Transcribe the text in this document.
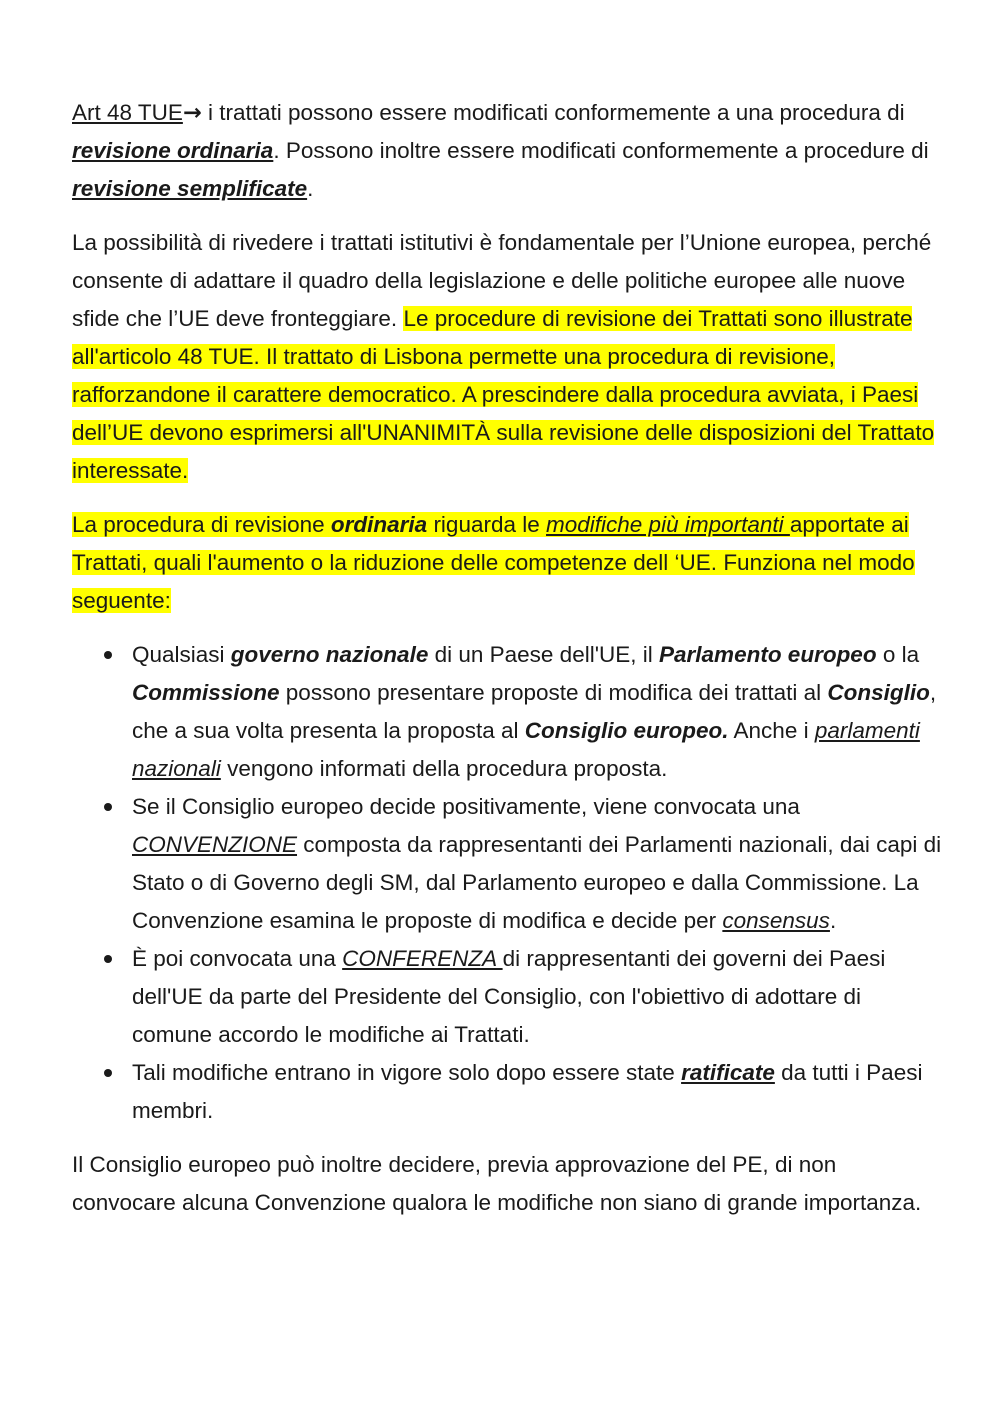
Art 48 TUE→ i trattati possono essere modificati conformemente a una procedura di revisione ordinaria. Possono inoltre essere modificati conformemente a procedure di revisione semplificate.

La possibilità di rivedere i trattati istitutivi è fondamentale per l’Unione europea, perché consente di adattare il quadro della legislazione e delle politiche europee alle nuove sfide che l’UE deve fronteggiare. Le procedure di revisione dei Trattati sono illustrate all'articolo 48 TUE. Il trattato di Lisbona permette una procedura di revisione, rafforzandone il carattere democratico. A prescindere dalla procedura avviata, i Paesi dell’UE devono esprimersi all'UNANIMITÀ sulla revisione delle disposizioni del Trattato interessate.

La procedura di revisione ordinaria riguarda le modifiche più importanti apportate ai Trattati, quali l'aumento o la riduzione delle competenze dell ‘UE. Funziona nel modo seguente:

Qualsiasi governo nazionale di un Paese dell'UE, il Parlamento europeo o la Commissione possono presentare proposte di modifica dei trattati al Consiglio, che a sua volta presenta la proposta al Consiglio europeo. Anche i parlamenti nazionali vengono informati della procedura proposta.
Se il Consiglio europeo decide positivamente, viene convocata una CONVENZIONE composta da rappresentanti dei Parlamenti nazionali, dai capi di Stato o di Governo degli SM, dal Parlamento europeo e dalla Commissione. La Convenzione esamina le proposte di modifica e decide per consensus.
È poi convocata una CONFERENZA di rappresentanti dei governi dei Paesi dell'UE da parte del Presidente del Consiglio, con l'obiettivo di adottare di comune accordo le modifiche ai Trattati.
Tali modifiche entrano in vigore solo dopo essere state ratificate da tutti i Paesi membri.

Il Consiglio europeo può inoltre decidere, previa approvazione del PE, di non convocare alcuna Convenzione qualora le modifiche non siano di grande importanza.
